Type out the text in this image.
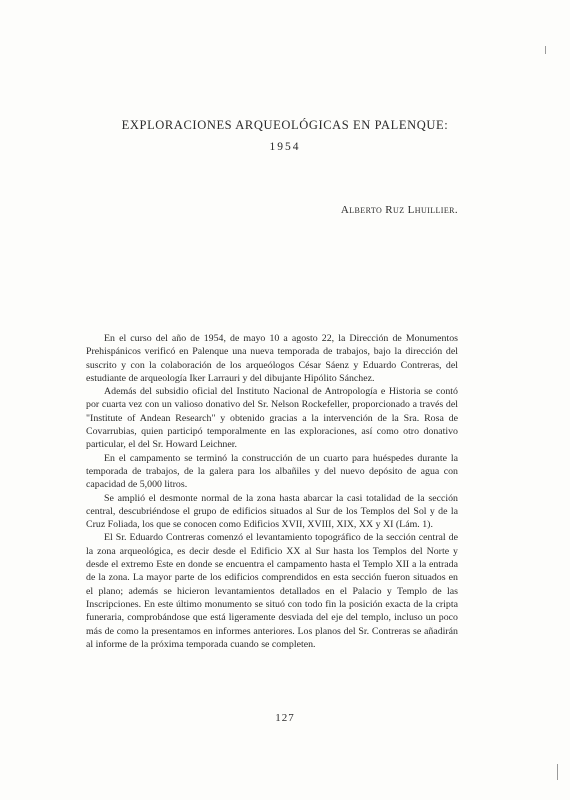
EXPLORACIONES ARQUEOLÓGICAS EN PALENQUE:
1954
Alberto Ruz Lhuillier.

En el curso del año de 1954, de mayo 10 a agosto 22, la Dirección de Monumentos Prehispánicos verificó en Palenque una nueva temporada de trabajos, bajo la dirección del suscrito y con la colaboración de los arqueólogos César Sáenz y Eduardo Contreras, del estudiante de arqueología Iker Larrauri y del dibujante Hipólito Sánchez.

Además del subsidio oficial del Instituto Nacional de Antropología e Historia se contó por cuarta vez con un valioso donativo del Sr. Nelson Rockefeller, proporcionado a través del "Institute of Andean Research" y obtenido gracias a la intervención de la Sra. Rosa de Covarrubias, quien participó temporalmente en las exploraciones, así como otro donativo particular, el del Sr. Howard Leichner.

En el campamento se terminó la construcción de un cuarto para huéspedes durante la temporada de trabajos, de la galera para los albañiles y del nuevo depósito de agua con capacidad de 5,000 litros.

Se amplió el desmonte normal de la zona hasta abarcar la casi totalidad de la sección central, descubriéndose el grupo de edificios situados al Sur de los Templos del Sol y de la Cruz Foliada, los que se conocen como Edificios XVII, XVIII, XIX, XX y XI (Lám. 1).

El Sr. Eduardo Contreras comenzó el levantamiento topográfico de la sección central de la zona arqueológica, es decir desde el Edificio XX al Sur hasta los Templos del Norte y desde el extremo Este en donde se encuentra el campamento hasta el Templo XII a la entrada de la zona. La mayor parte de los edificios comprendidos en esta sección fueron situados en el plano; además se hicieron levantamientos detallados en el Palacio y Templo de las Inscripciones. En este último monumento se situó con todo fin la posición exacta de la cripta funeraria, comprobándose que está ligeramente desviada del eje del templo, incluso un poco más de como la presentamos en informes anteriores. Los planos del Sr. Contreras se añadirán al informe de la próxima temporada cuando se completen.

127
